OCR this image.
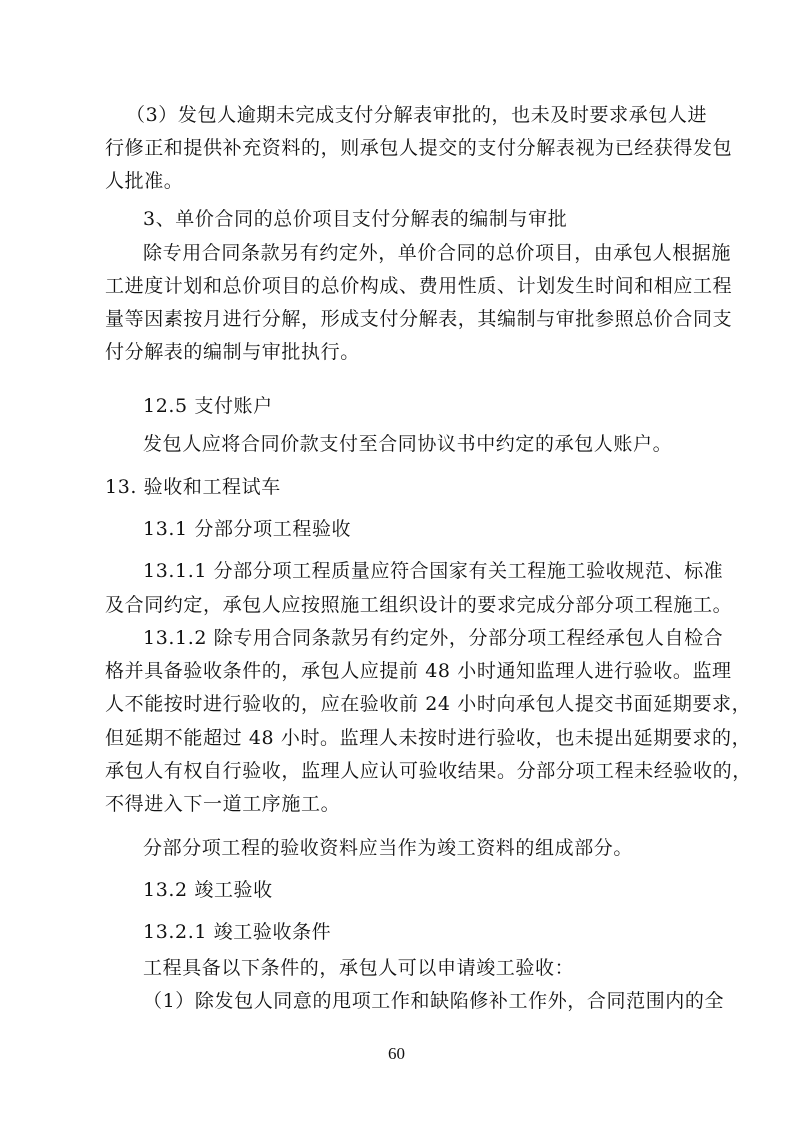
（3）发包人逾期未完成支付分解表审批的，也未及时要求承包人进
行修正和提供补充资料的，则承包人提交的支付分解表视为已经获得发包
人批准。
3、单价合同的总价项目支付分解表的编制与审批
除专用合同条款另有约定外，单价合同的总价项目，由承包人根据施
工进度计划和总价项目的总价构成、费用性质、计划发生时间和相应工程
量等因素按月进行分解，形成支付分解表，其编制与审批参照总价合同支
付分解表的编制与审批执行。
12.5 支付账户
发包人应将合同价款支付至合同协议书中约定的承包人账户。
13. 验收和工程试车
13.1 分部分项工程验收
13.1.1 分部分项工程质量应符合国家有关工程施工验收规范、标准
及合同约定，承包人应按照施工组织设计的要求完成分部分项工程施工。
13.1.2 除专用合同条款另有约定外，分部分项工程经承包人自检合
格并具备验收条件的，承包人应提前 48 小时通知监理人进行验收。监理
人不能按时进行验收的，应在验收前 24 小时向承包人提交书面延期要求，
但延期不能超过 48 小时。监理人未按时进行验收，也未提出延期要求的，
承包人有权自行验收，监理人应认可验收结果。分部分项工程未经验收的，
不得进入下一道工序施工。
分部分项工程的验收资料应当作为竣工资料的组成部分。
13.2 竣工验收
13.2.1 竣工验收条件
工程具备以下条件的，承包人可以申请竣工验收：
（1）除发包人同意的甩项工作和缺陷修补工作外，合同范围内的全
60
